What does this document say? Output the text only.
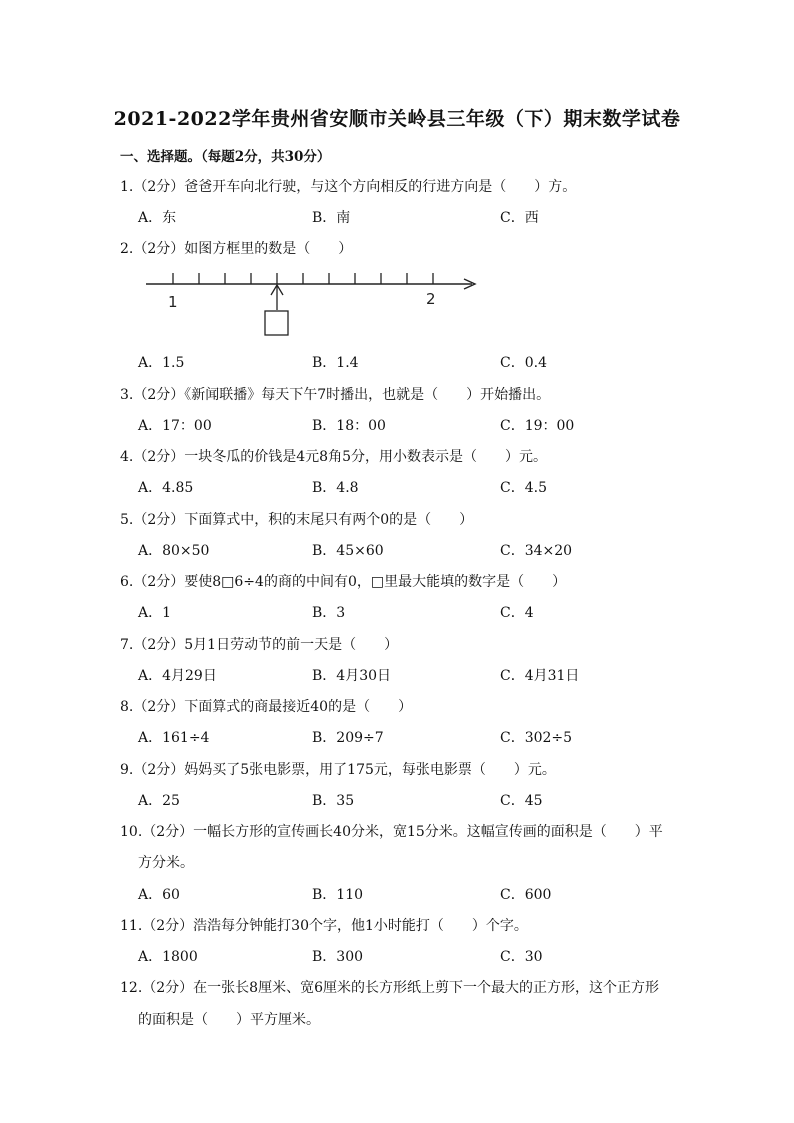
2021-2022学年贵州省安顺市关岭县三年级（下）期末数学试卷
一、选择题。（每题2分，共30分）
1.（2分）爸爸开车向北行驶，与这个方向相反的行进方向是（　　）方。
A．东	B．南	C．西
2.（2分）如图方框里的数是（　　）
1	2
A．1.5	B．1.4	C．0.4
3.（2分）《新闻联播》每天下午7时播出，也就是（　　）开始播出。
A．17：00	B．18：00	C．19：00
4.（2分）一块冬瓜的价钱是4元8角5分，用小数表示是（　　）元。
A．4.85	B．4.8	C．4.5
5.（2分）下面算式中，积的末尾只有两个0的是（　　）
A．80×50	B．45×60	C．34×20
6.（2分）要使8□6÷4的商的中间有0，□里最大能填的数字是（　　）
A．1	B．3	C．4
7.（2分）5月1日劳动节的前一天是（　　）
A．4月29日	B．4月30日	C．4月31日
8.（2分）下面算式的商最接近40的是（　　）
A．161÷4	B．209÷7	C．302÷5
9.（2分）妈妈买了5张电影票，用了175元，每张电影票（　　）元。
A．25	B．35	C．45
10.（2分）一幅长方形的宣传画长40分米，宽15分米。这幅宣传画的面积是（　　）平
方分米。
A．60	B．110	C．600
11.（2分）浩浩每分钟能打30个字，他1小时能打（　　）个字。
A．1800	B．300	C．30
12.（2分）在一张长8厘米、宽6厘米的长方形纸上剪下一个最大的正方形，这个正方形
的面积是（　　）平方厘米。
